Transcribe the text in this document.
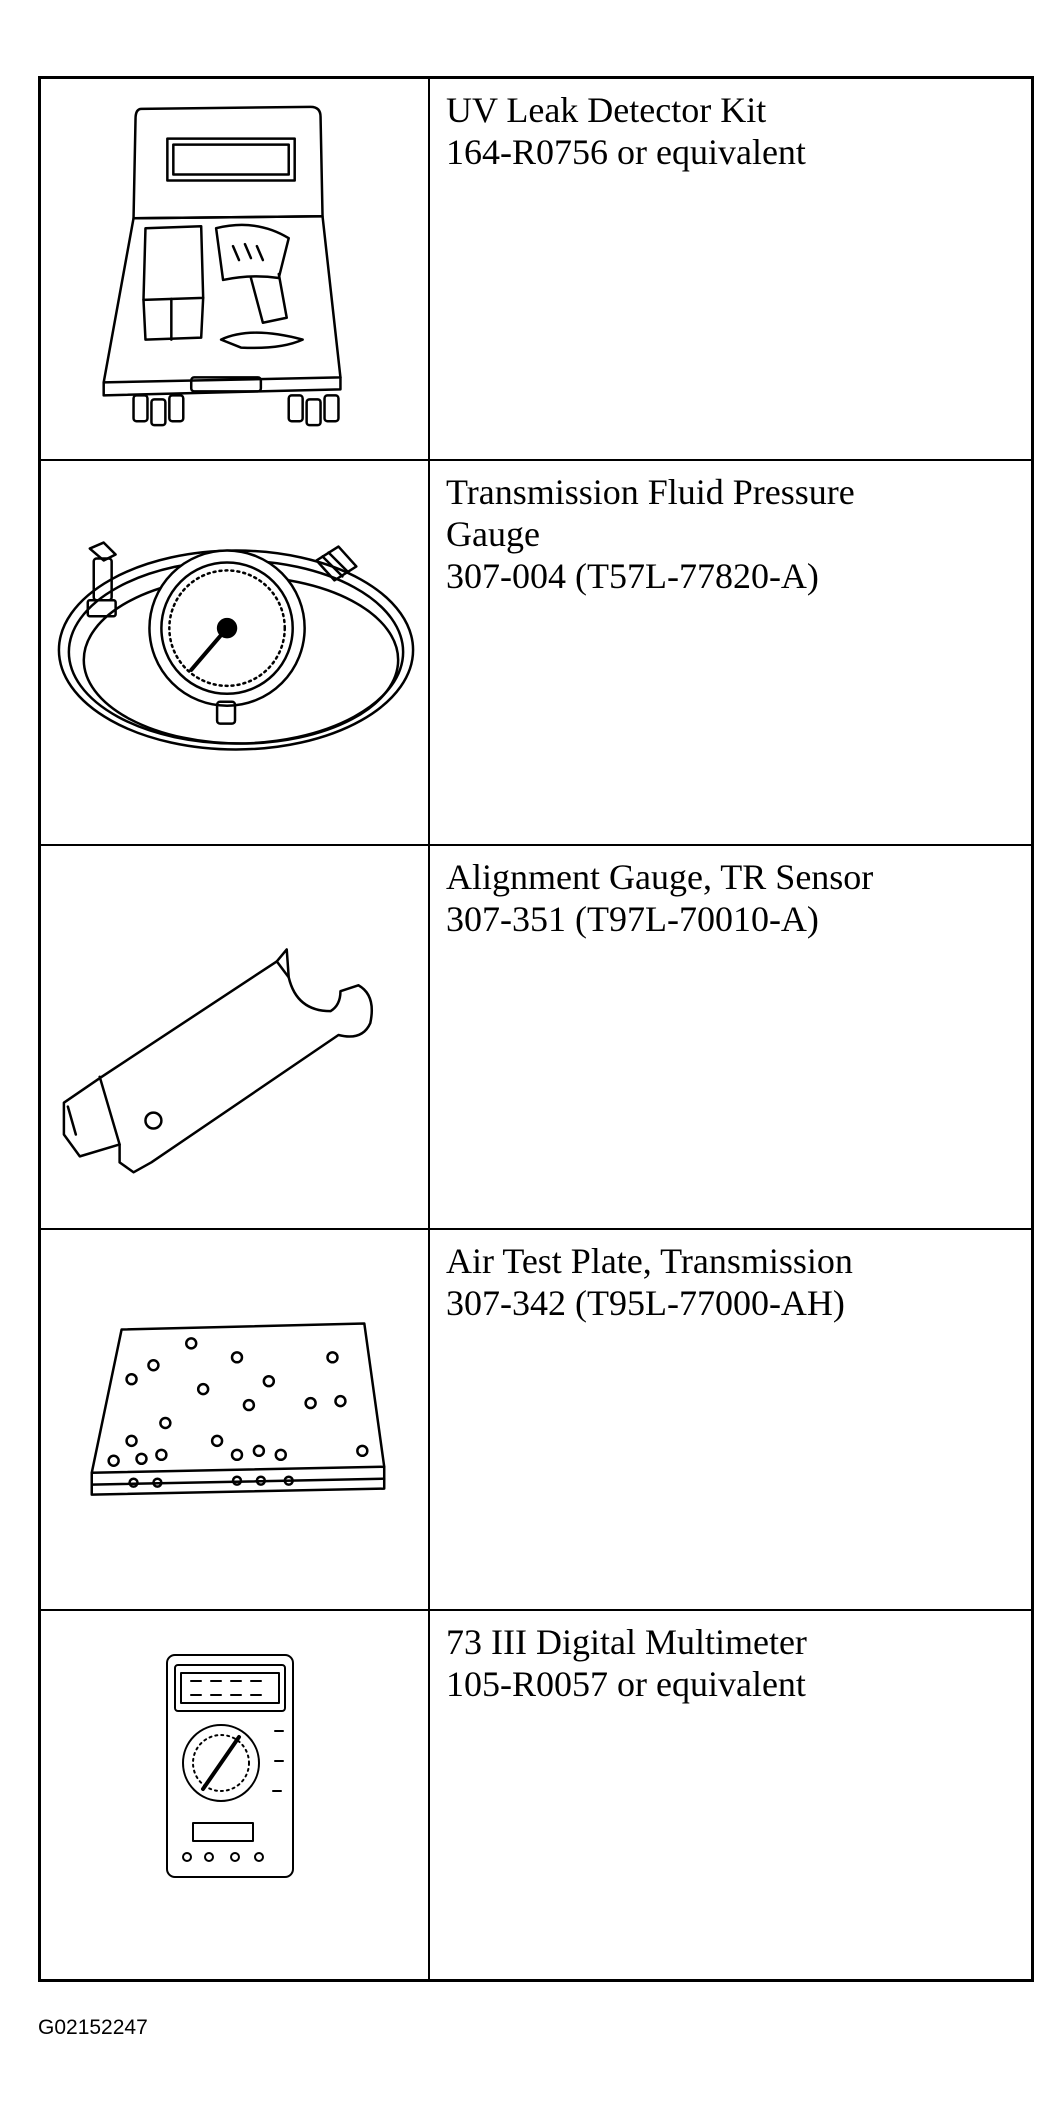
UV Leak Detector Kit
164-R0756 or equivalent
Transmission Fluid Pressure
Gauge
307-004 (T57L-77820-A)
Alignment Gauge, TR Sensor
307-351 (T97L-70010-A)
Air Test Plate, Transmission
307-342 (T95L-77000-AH)
73 III Digital Multimeter
105-R0057 or equivalent
G02152247
